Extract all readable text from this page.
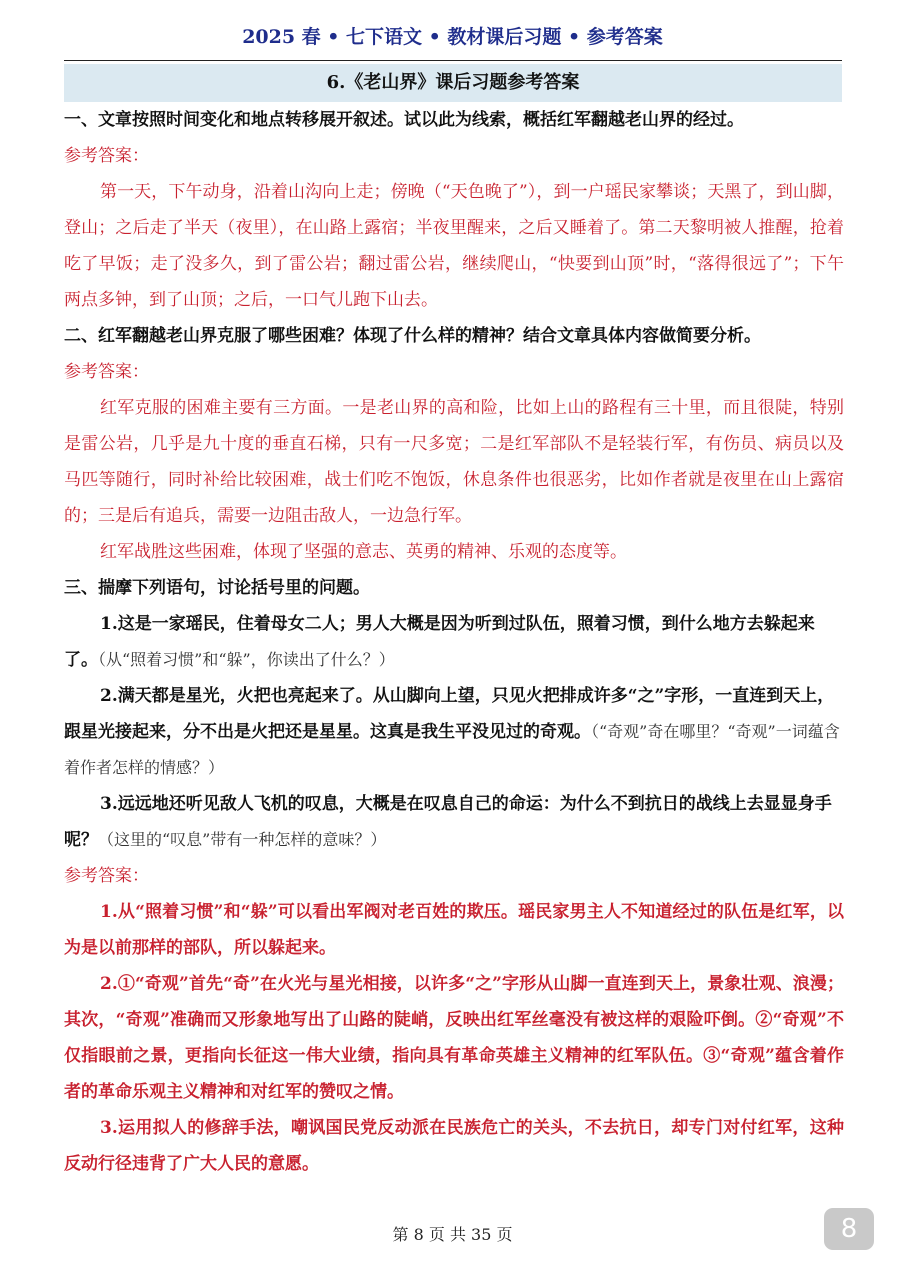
2025 春 • 七下语文 • 教材课后习题 • 参考答案
6.《老山界》课后习题参考答案

一、文章按照时间变化和地点转移展开叙述。试以此为线索，概括红军翻越老山界的经过。

参考答案：

第一天，下午动身，沿着山沟向上走；傍晚（“天色晚了”），到一户瑶民家攀谈；天黑了，到山脚，登山；之后走了半天（夜里），在山路上露宿；半夜里醒来，之后又睡着了。第二天黎明被人推醒，抢着吃了早饭；走了没多久，到了雷公岩；翻过雷公岩，继续爬山，“快要到山顶”时，“落得很远了”；下午两点多钟，到了山顶；之后，一口气儿跑下山去。

二、红军翻越老山界克服了哪些困难？体现了什么样的精神？结合文章具体内容做简要分析。

参考答案：

红军克服的困难主要有三方面。一是老山界的高和险，比如上山的路程有三十里，而且很陡，特别是雷公岩，几乎是九十度的垂直石梯，只有一尺多宽；二是红军部队不是轻装行军，有伤员、病员以及马匹等随行，同时补给比较困难，战士们吃不饱饭，休息条件也很恶劣，比如作者就是夜里在山上露宿的；三是后有追兵，需要一边阻击敌人，一边急行军。

红军战胜这些困难，体现了坚强的意志、英勇的精神、乐观的态度等。

三、揣摩下列语句，讨论括号里的问题。

1.这是一家瑶民，住着母女二人；男人大概是因为听到过队伍，照着习惯，到什么地方去躲起来了。（从“照着习惯”和“躲”，你读出了什么？）

2.满天都是星光，火把也亮起来了。从山脚向上望，只见火把排成许多“之”字形，一直连到天上，跟星光接起来，分不出是火把还是星星。这真是我生平没见过的奇观。（“奇观”奇在哪里？“奇观”一词蕴含着作者怎样的情感？）

3.远远地还听见敌人飞机的叹息，大概是在叹息自己的命运：为什么不到抗日的战线上去显显身手呢？（这里的“叹息”带有一种怎样的意味？）

参考答案：

1.从“照着习惯”和“躲”可以看出军阀对老百姓的欺压。瑶民家男主人不知道经过的队伍是红军，以为是以前那样的部队，所以躲起来。

2.①“奇观”首先“奇”在火光与星光相接，以许多“之”字形从山脚一直连到天上，景象壮观、浪漫；其次，“奇观”准确而又形象地写出了山路的陡峭，反映出红军丝毫没有被这样的艰险吓倒。②“奇观”不仅指眼前之景，更指向长征这一伟大业绩，指向具有革命英雄主义精神的红军队伍。③“奇观”蕴含着作者的革命乐观主义精神和对红军的赞叹之情。

3.运用拟人的修辞手法，嘲讽国民党反动派在民族危亡的关头，不去抗日，却专门对付红军，这种反动行径违背了广大人民的意愿。

第 8 页 共 35 页	8
